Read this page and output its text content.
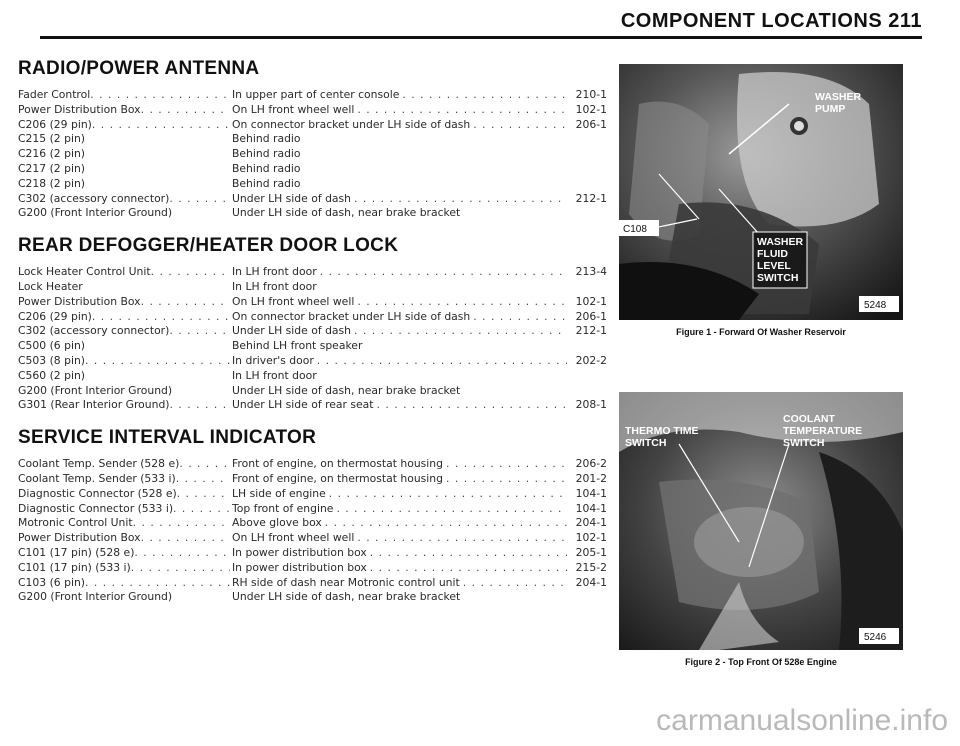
COMPONENT LOCATIONS 211
RADIO/POWER ANTENNA
Fader Control . . .	In upper part of center console . . .	210-1
Power Distribution Box . . .	On LH front wheel well . . .	102-1
C206 (29 pin) . . .	On connector bracket under LH side of dash . . .	206-1
C215 (2 pin)	Behind radio
C216 (2 pin)	Behind radio
C217 (2 pin)	Behind radio
C218 (2 pin)	Behind radio
C302 (accessory connector) . . .	Under LH side of dash . . .	212-1
G200 (Front Interior Ground)	Under LH side of dash, near brake bracket
REAR DEFOGGER/HEATER DOOR LOCK
Lock Heater Control Unit . . .	In LH front door . . .	213-4
Lock Heater	In LH front door
Power Distribution Box . . .	On LH front wheel well . . .	102-1
C206 (29 pin) . . .	On connector bracket under LH side of dash . . .	206-1
C302 (accessory connector) . . .	Under LH side of dash . . .	212-1
C500 (6 pin)	Behind LH front speaker
C503 (8 pin) . . .	In driver's door . . .	202-2
C560 (2 pin)	In LH front door
G200 (Front Interior Ground)	Under LH side of dash, near brake bracket
G301 (Rear Interior Ground) . . .	Under LH side of rear seat . . .	208-1
SERVICE INTERVAL INDICATOR
Coolant Temp. Sender (528 e) . . .	Front of engine, on thermostat housing . . .	206-2
Coolant Temp. Sender (533 i) . . .	Front of engine, on thermostat housing . . .	201-2
Diagnostic Connector (528 e) . . .	LH side of engine . . .	104-1
Diagnostic Connector (533 i) . . .	Top front of engine . . .	104-1
Motronic Control Unit . . .	Above glove box . . .	204-1
Power Distribution Box . . .	On LH front wheel well . . .	102-1
C101 (17 pin) (528 e) . . .	In power distribution box . . .	205-1
C101 (17 pin) (533 i) . . .	In power distribution box . . .	215-2
C103 (6 pin) . . .	RH side of dash near Motronic control unit . . .	204-1
G200 (Front Interior Ground)	Under LH side of dash, near brake bracket
C108
WASHER
PUMP
WASHER
FLUID
LEVEL
SWITCH
5248
Figure 1 - Forward Of Washer Reservoir
THERMO TIME
SWITCH
COOLANT
TEMPERATURE
SWITCH
5246
Figure 2 - Top Front Of 528e Engine
carmanualsonline.info
